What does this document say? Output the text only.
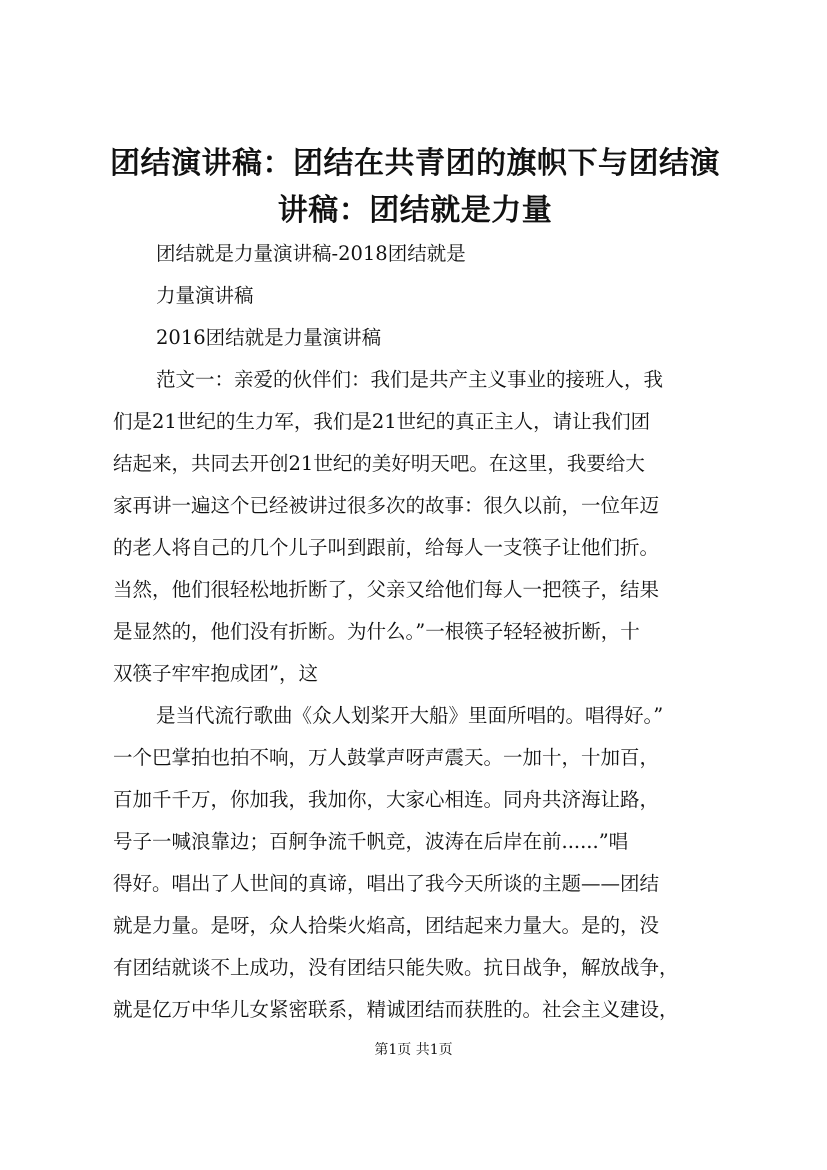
团结演讲稿：团结在共青团的旗帜下与团结演
讲稿：团结就是力量
团结就是力量演讲稿-2018团结就是
力量演讲稿
2016团结就是力量演讲稿
范文一：亲爱的伙伴们：我们是共产主义事业的接班人，我
们是21世纪的生力军，我们是21世纪的真正主人，请让我们团
结起来，共同去开创21世纪的美好明天吧。在这里，我要给大
家再讲一遍这个已经被讲过很多次的故事：很久以前，一位年迈
的老人将自己的几个儿子叫到跟前，给每人一支筷子让他们折。
当然，他们很轻松地折断了，父亲又给他们每人一把筷子，结果
是显然的，他们没有折断。为什么。”一根筷子轻轻被折断，十
双筷子牢牢抱成团”，这
是当代流行歌曲《众人划桨开大船》里面所唱的。唱得好。”
一个巴掌拍也拍不响，万人鼓掌声呀声震天。一加十，十加百，
百加千千万，你加我，我加你，大家心相连。同舟共济海让路，
号子一喊浪靠边；百舸争流千帆竞，波涛在后岸在前......”唱
得好。唱出了人世间的真谛，唱出了我今天所谈的主题——团结
就是力量。是呀，众人拾柴火焰高，团结起来力量大。是的，没
有团结就谈不上成功，没有团结只能失败。抗日战争，解放战争，
就是亿万中华儿女紧密联系，精诚团结而获胜的。社会主义建设，
第1页 共1页
